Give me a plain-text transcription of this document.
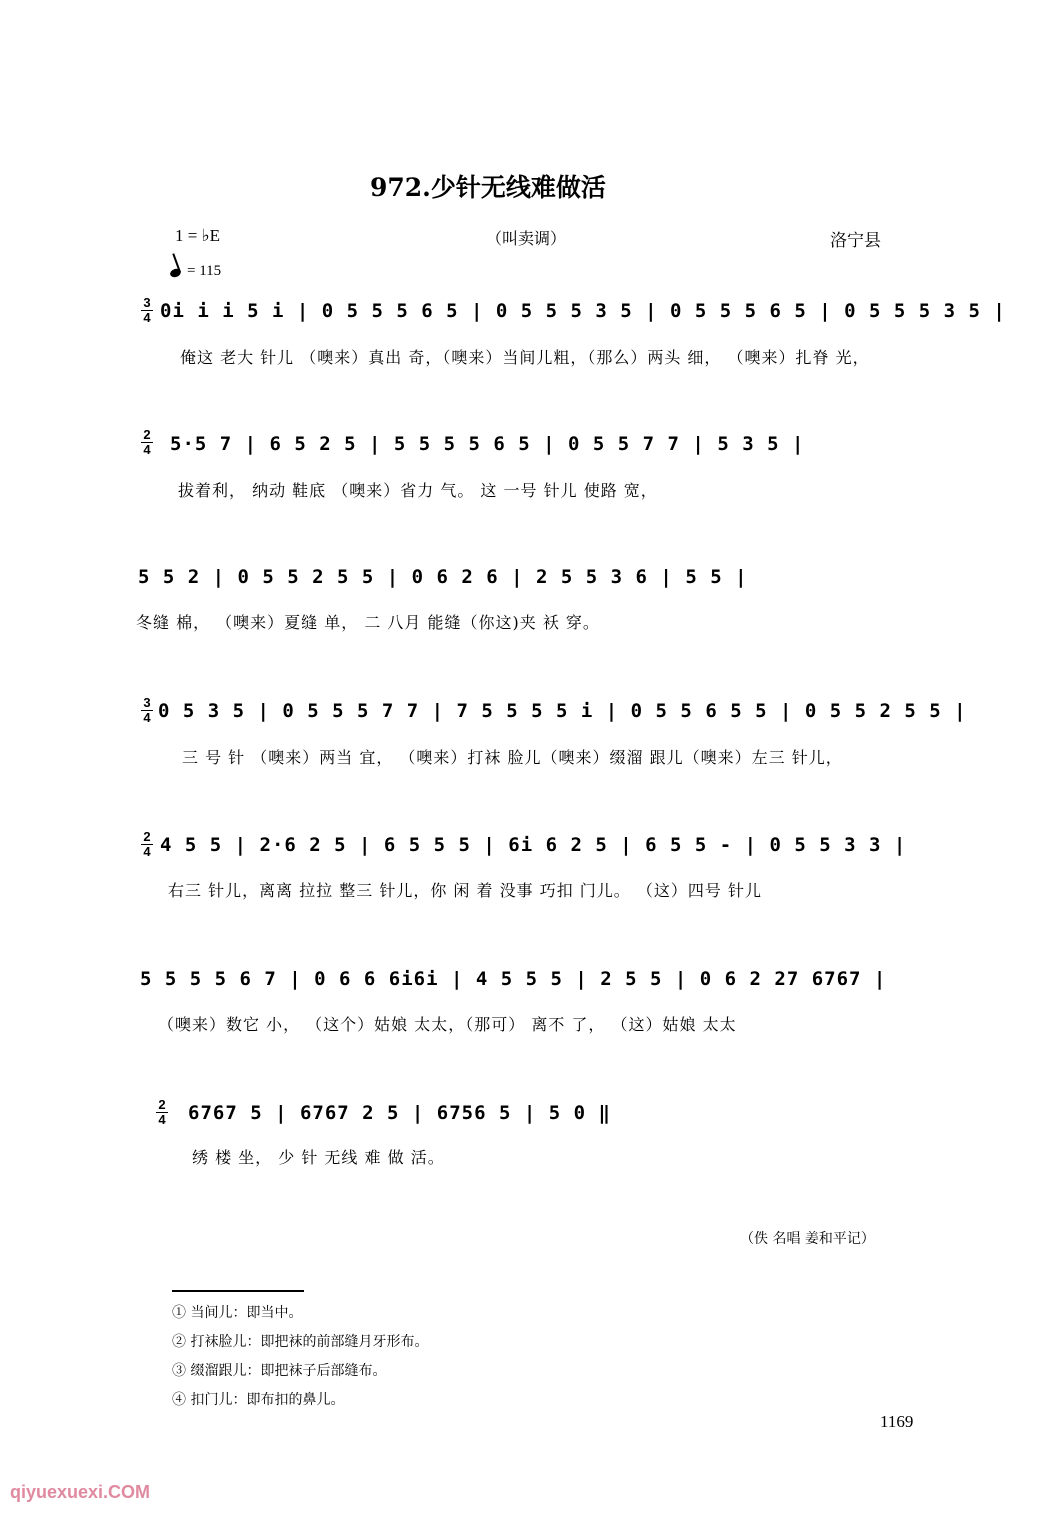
972.少针无线难做活
1 = ♭E
= 115
（叫卖调）	洛宁县
3
4 0i i i 5 i | 0 5 5 5 6 5 | 0 5 5 5 3 5 | 0 5 5 5 6 5 | 0 5 5 5 3 5 |
俺这 老大 针儿 （噢来）真出 奇，（噢来）当间儿粗，（那么）两头 细， （噢来）扎脊 光，
2
4 5·5 7 | 6 5 2 5 | 5 5 5 5 6 5 | 0 5 5 7 7 | 5 3 5 |
拔着利， 纳动 鞋底 （噢来）省力 气。 这 一号 针儿 使路 宽，
5 5 2 | 0 5 5 2 5 5 | 0 6 2 6 | 2 5 5 3 6 | 5 5 |
冬缝 棉， （噢来）夏缝 单， 二 八月 能缝（你这)夹 袄 穿。
3
4 0 5 3 5 | 0 5 5 5 7 7 | 7 5 5 5 5 i | 0 5 5 6 5 5 | 0 5 5 2 5 5 |
三 号 针 （噢来）两当 宜， （噢来）打袜 脸儿（噢来）缀溜 跟儿（噢来）左三 针儿，
2
4 4 5 5 | 2·6 2 5 | 6 5 5 5 | 6i 6 2 5 | 6 5 5 - | 0 5 5 3 3 |
右三 针儿，离离 拉拉 整三 针儿，你 闲 着 没事 巧扣 门儿。 （这）四号 针儿
5 5 5 5 6 7 | 0 6 6 6i6i | 4 5 5 5 | 2 5 5 | 0 6 2 27 6767 |
（噢来）数它 小， （这个）姑娘 太太，（那可） 离不 了， （这）姑娘 太太
2
4 6767 5 | 6767 2 5 | 6756 5 | 5 0 ‖
绣 楼 坐， 少 针 无线 难 做 活。
（佚 名唱 姜和平记）
① 当间儿：即当中。
② 打袜脸儿：即把袜的前部缝月牙形布。
③ 缀溜跟儿：即把袜子后部缝布。
④ 扣门儿：即布扣的鼻儿。
1169
qiyuexuexi.COM
